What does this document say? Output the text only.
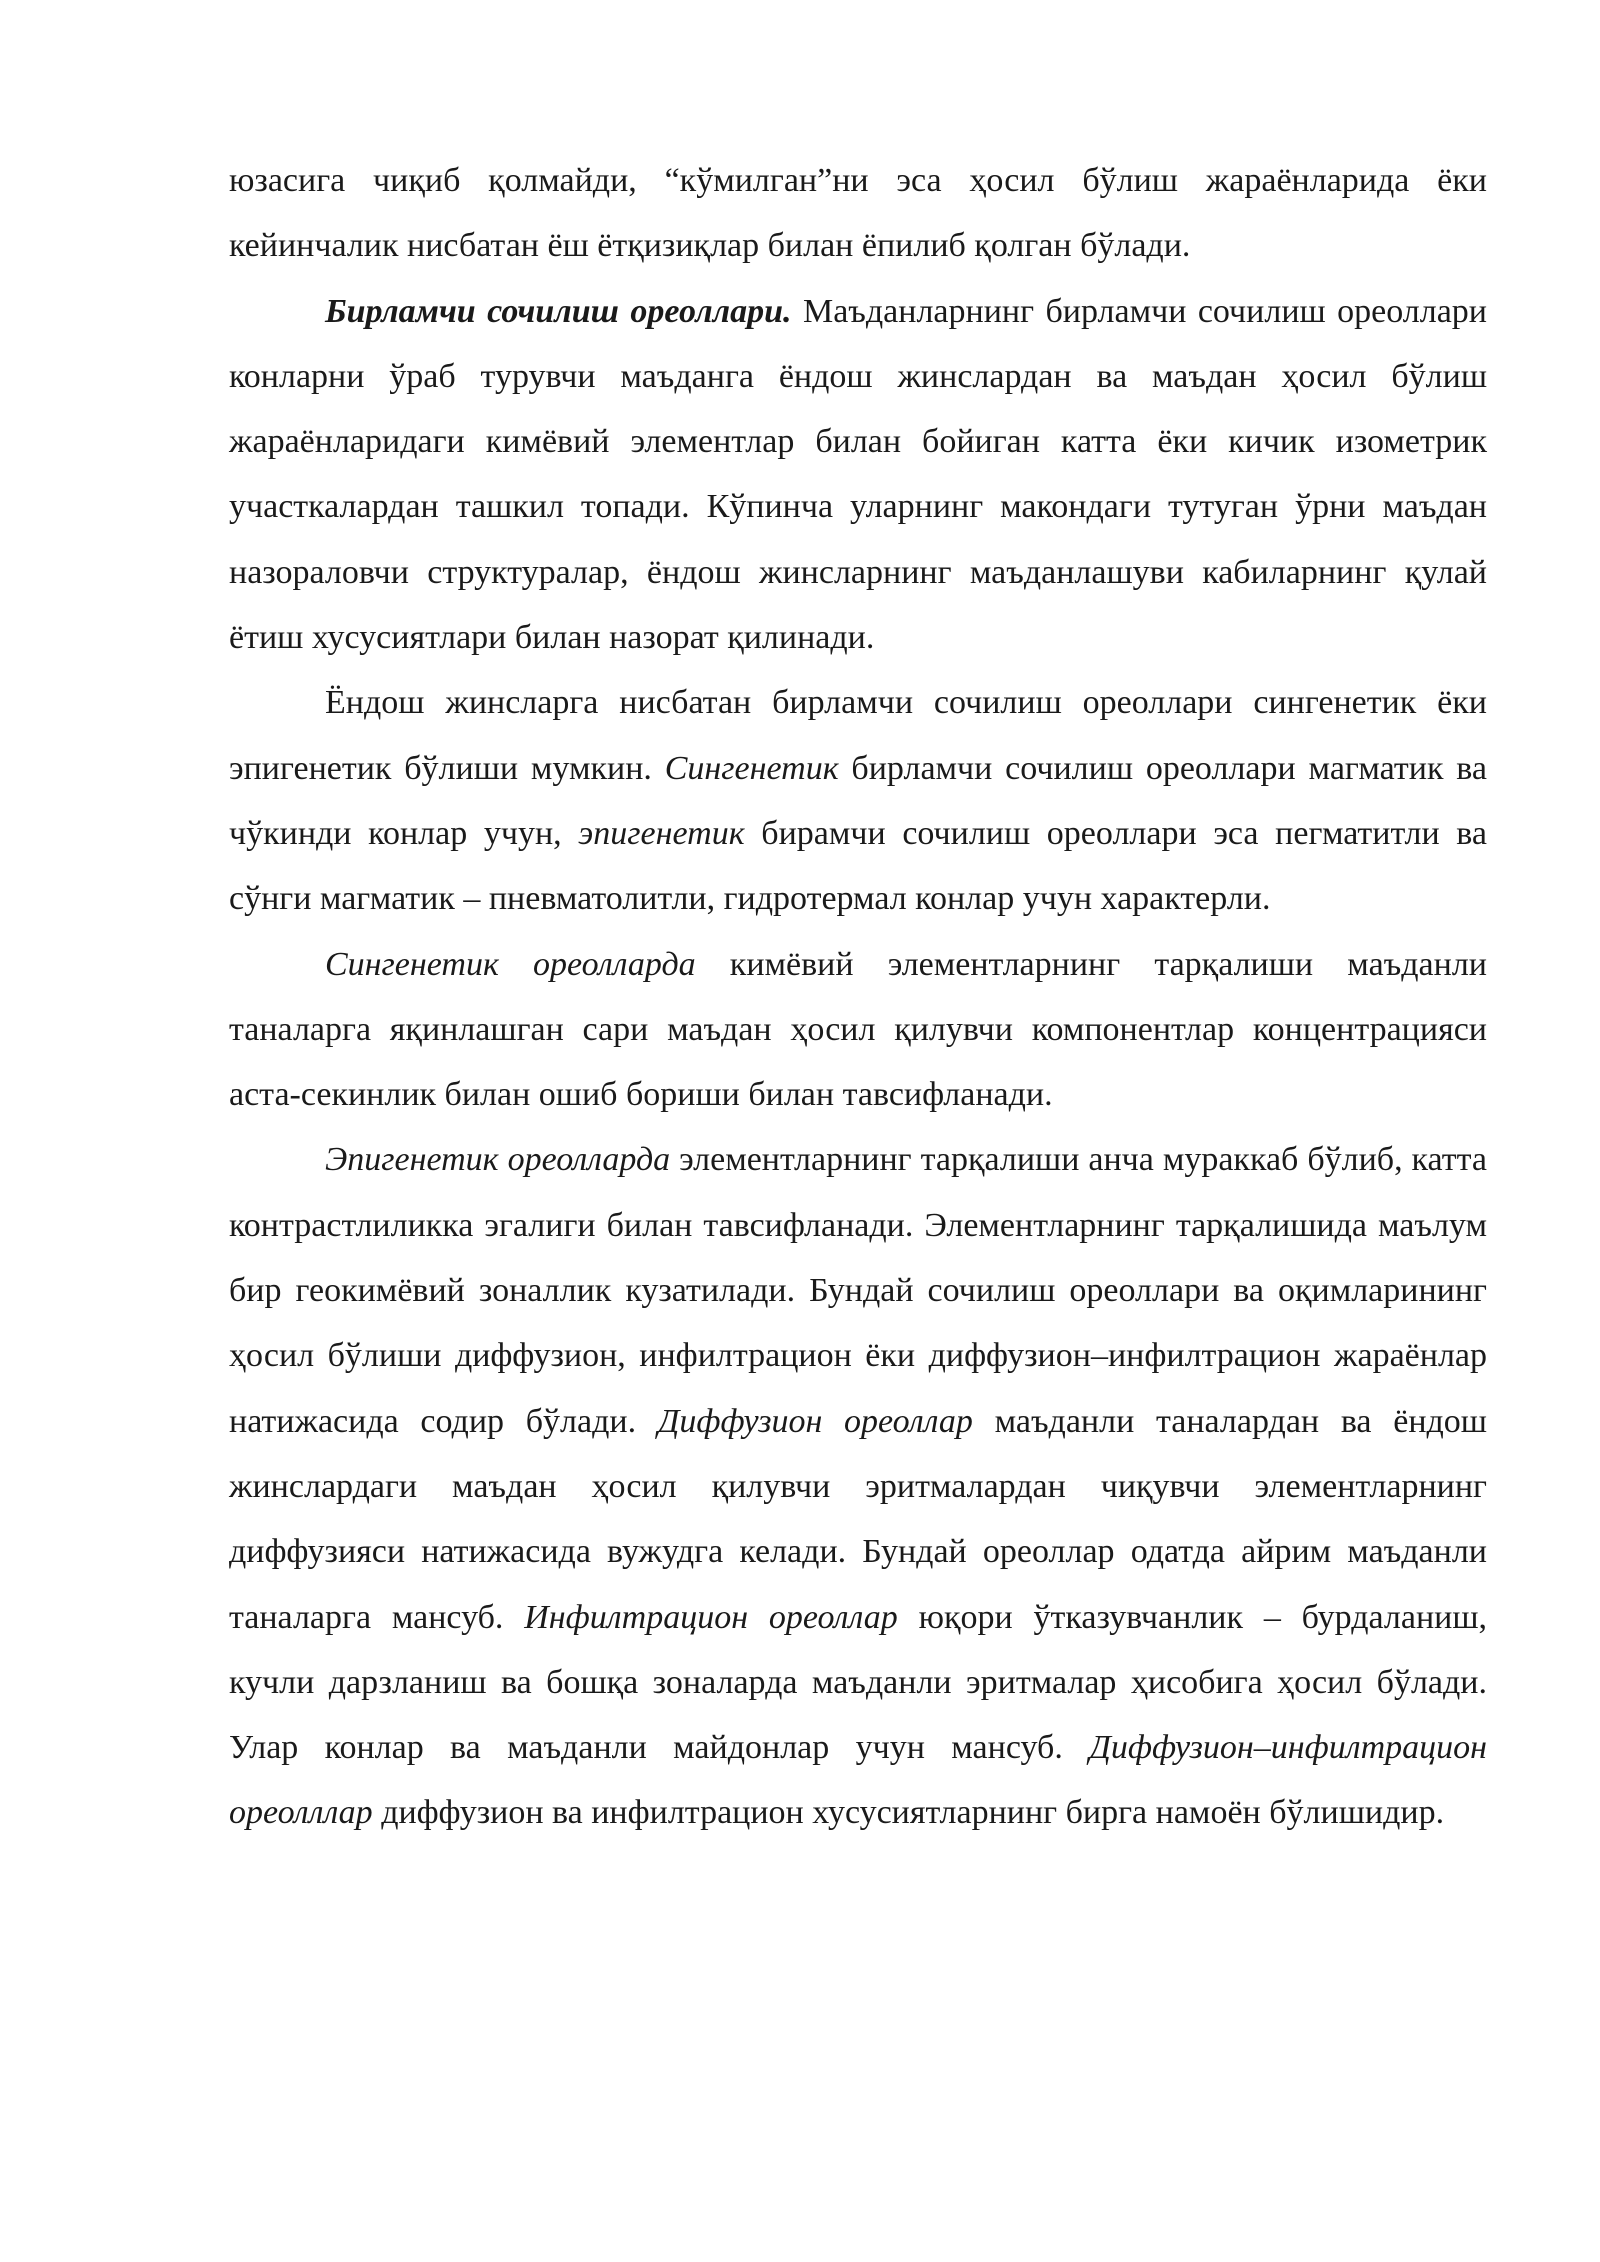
юзасига чиқиб қолмайди, “кўмилган”ни эса ҳосил бўлиш жараёнларида ёки кейинчалик нисбатан ёш ётқизиқлар билан ёпилиб қолган бўлади.

Бирламчи сочилиш ореоллари. Маъданларнинг бирламчи сочилиш ореоллари конларни ўраб турувчи маъданга ёндош жинслардан ва маъдан ҳосил бўлиш жараёнларидаги кимёвий элементлар билан бойиган катта ёки кичик изометрик участкалардан ташкил топади. Кўпинча уларнинг макондаги тутуган ўрни маъдан назораловчи структуралар, ёндош жинсларнинг маъданлашуви кабиларнинг қулай ётиш хусусиятлари билан назорат қилинади.

Ёндош жинсларга нисбатан бирламчи сочилиш ореоллари сингенетик ёки эпигенетик бўлиши мумкин. Сингенетик бирламчи сочилиш ореоллари магматик ва чўкинди конлар учун, эпигенетик бирамчи сочилиш ореоллари эса пегматитли ва сўнги магматик – пневматолитли, гидротермал конлар учун характерли.

Сингенетик ореолларда кимёвий элементларнинг тарқалиши маъданли таналарга яқинлашган сари маъдан ҳосил қилувчи компонентлар концентрацияси аста-секинлик билан ошиб бориши билан тавсифланади.

Эпигенетик ореолларда элементларнинг тарқалиши анча мураккаб бўлиб, катта контрастлиликка эгалиги билан тавсифланади. Элементларнинг тарқалишида маълум бир геокимёвий зоналлик кузатилади. Бундай сочилиш ореоллари ва оқимларининг ҳосил бўлиши диффузион, инфилтрацион ёки диффузион–инфилтрацион жараёнлар натижасида содир бўлади. Диффузион ореоллар маъданли таналардан ва ёндош жинслардаги маъдан ҳосил қилувчи эритмалардан чиқувчи элементларнинг диффузияси натижасида вужудга келади. Бундай ореоллар одатда айрим маъданли таналарга мансуб. Инфилтрацион ореоллар юқори ўтказувчанлик – бурдаланиш, кучли дарзланиш ва бошқа зоналарда маъданли эритмалар ҳисобига ҳосил бўлади. Улар конлар ва маъданли майдонлар учун мансуб. Диффузион–инфилтрацион ореолллар диффузион ва инфилтрацион хусусиятларнинг бирга намоён бўлишидир.
